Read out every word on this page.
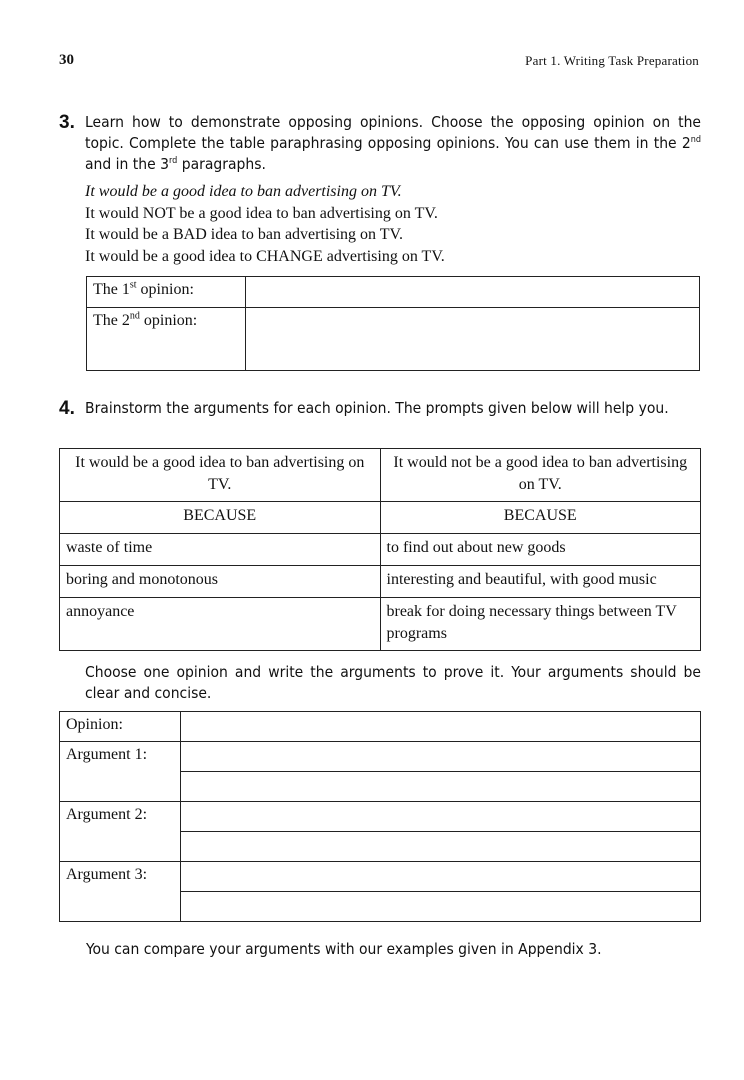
30	Part 1. Writing Task Preparation
3. Learn how to demonstrate opposing opinions. Choose the opposing opinion on the topic. Complete the table paraphrasing opposing opinions. You can use them in the 2nd and in the 3rd paragraphs.
It would be a good idea to ban advertising on TV.
It would NOT be a good idea to ban advertising on TV.
It would be a BAD idea to ban advertising on TV.
It would be a good idea to CHANGE advertising on TV.
The 1st opinion:	
The 2nd opinion:	
4. Brainstorm the arguments for each opinion. The prompts given below will help you.
It would be a good idea to ban advertising on TV.	It would not be a good idea to ban advertising on TV.
BECAUSE	BECAUSE
waste of time	to find out about new goods
boring and monotonous	interesting and beautiful, with good music
annoyance	break for doing necessary things between TV programs
Choose one opinion and write the arguments to prove it. Your arguments should be clear and concise.
Opinion:	
Argument 1:	

Argument 2:	

Argument 3:	

You can compare your arguments with our examples given in Appendix 3.
